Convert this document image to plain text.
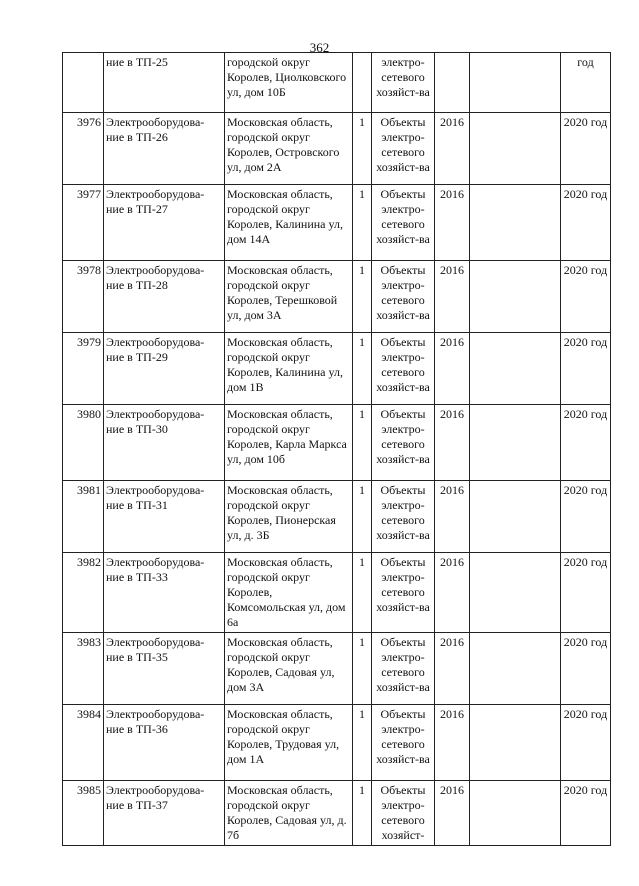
362
	ние в ТП-25	городской округ Королев, Циолковского ул, дом 10Б		электро-сетевого хозяйст-ва			год
3976	Электрооборудова-ние в ТП-26	Московская область, городской округ Королев, Островского ул, дом 2А	1	Объекты электро-сетевого хозяйст-ва	2016		2020 год
3977	Электрооборудова-ние в ТП-27	Московская область, городской округ Королев, Калинина ул, дом 14А	1	Объекты электро-сетевого хозяйст-ва	2016		2020 год
3978	Электрооборудова-ние в ТП-28	Московская область, городской округ Королев, Терешковой ул, дом 3А	1	Объекты электро-сетевого хозяйст-ва	2016		2020 год
3979	Электрооборудова-ние в ТП-29	Московская область, городской округ Королев, Калинина ул, дом 1В	1	Объекты электро-сетевого хозяйст-ва	2016		2020 год
3980	Электрооборудова-ние в ТП-30	Московская область, городской округ Королев, Карла Маркса ул, дом 10б	1	Объекты электро-сетевого хозяйст-ва	2016		2020 год
3981	Электрооборудова-ние в ТП-31	Московская область, городской округ Королев, Пионерская ул, д. 3Б	1	Объекты электро-сетевого хозяйст-ва	2016		2020 год
3982	Электрооборудова-ние в ТП-33	Московская область, городской округ Королев, Комсомольская ул, дом 6а	1	Объекты электро-сетевого хозяйст-ва	2016		2020 год
3983	Электрооборудова-ние в ТП-35	Московская область, городской округ Королев, Садовая ул, дом 3А	1	Объекты электро-сетевого хозяйст-ва	2016		2020 год
3984	Электрооборудова-ние в ТП-36	Московская область, городской округ Королев, Трудовая ул, дом 1А	1	Объекты электро-сетевого хозяйст-ва	2016		2020 год
3985	Электрооборудова-ние в ТП-37	Московская область, городской округ Королев, Садовая ул, д. 7б	1	Объекты электро-сетевого хозяйст-	2016		2020 год
